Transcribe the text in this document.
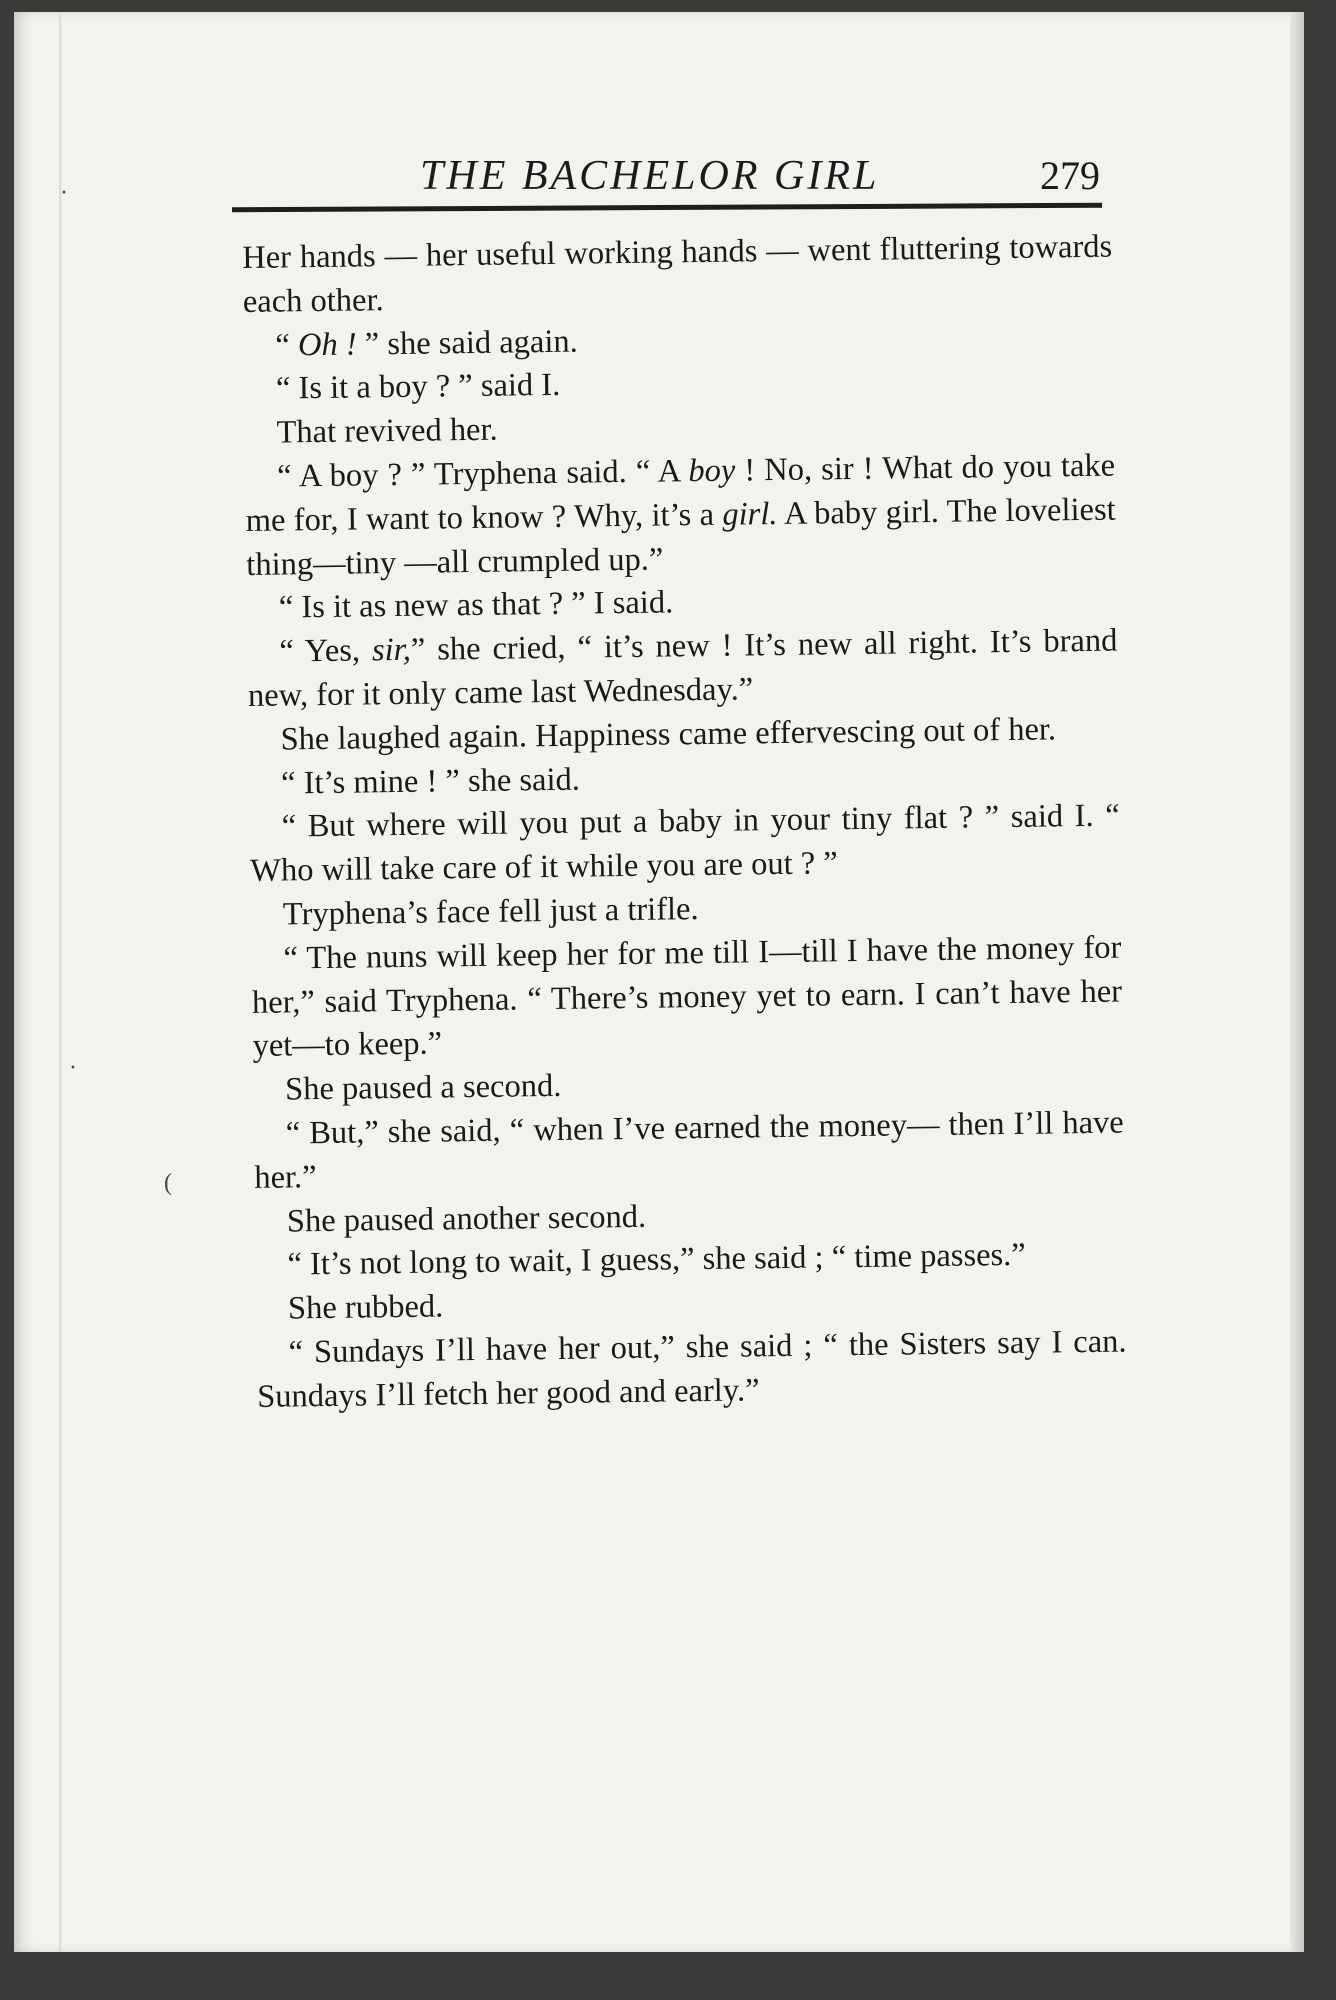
THE BACHELOR GIRL	279

Her hands — her useful working hands — went fluttering towards each other.

“ Oh ! ” she said again.

“ Is it a boy ? ” said I.

That revived her.

“ A boy ? ” Tryphena said. “ A boy ! No, sir ! What do you take me for, I want to know ? Why, it’s a girl. A baby girl. The loveliest thing—tiny —all crumpled up.”

“ Is it as new as that ? ” I said.

“ Yes, sir,” she cried, “ it’s new ! It’s new all right. It’s brand new, for it only came last Wednesday.”

She laughed again. Happiness came effervescing out of her.

“ It’s mine ! ” she said.

“ But where will you put a baby in your tiny flat ? ” said I. “ Who will take care of it while you are out ? ”

Tryphena’s face fell just a trifle.

“ The nuns will keep her for me till I—till I have the money for her,” said Tryphena. “ There’s money yet to earn. I can’t have her yet—to keep.”

She paused a second.

“ But,” she said, “ when I’ve earned the money— then I’ll have her.”

She paused another second.

“ It’s not long to wait, I guess,” she said ; “ time passes.”

She rubbed.

“ Sundays I’ll have her out,” she said ; “ the Sisters say I can. Sundays I’ll fetch her good and early.”

·
·
(
